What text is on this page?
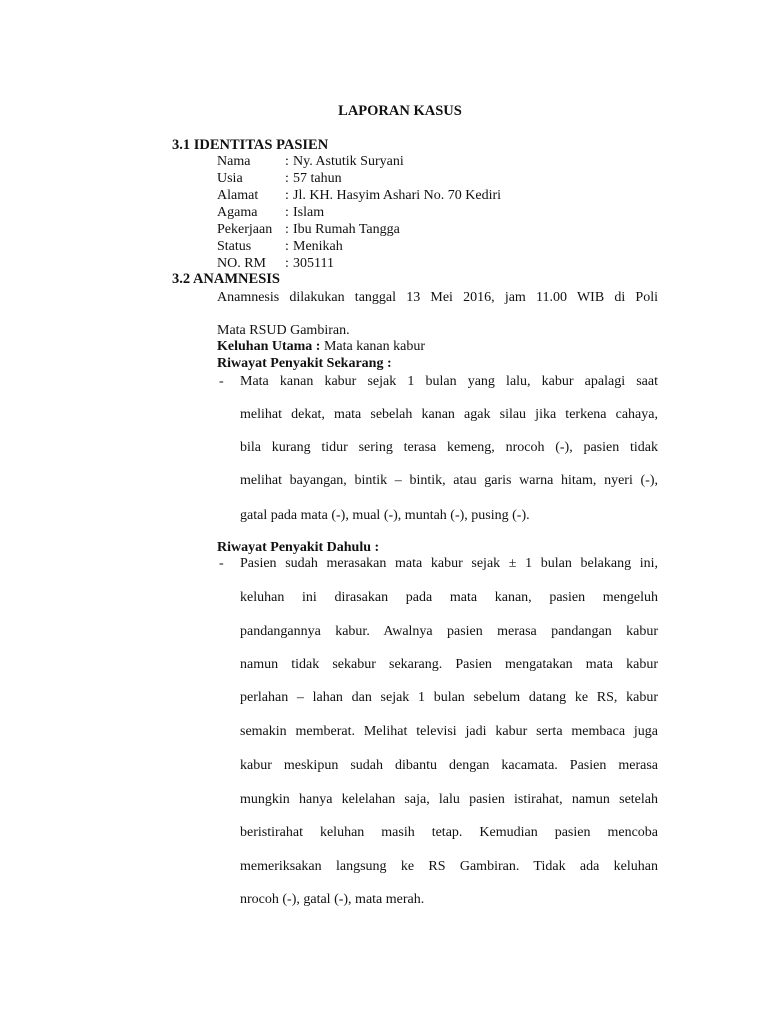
LAPORAN KASUS
3.1 IDENTITAS PASIEN
Nama : Ny. Astutik Suryani
Usia	: 57 tahun
Alamat : Jl. KH. Hasyim Ashari No. 70 Kediri
Agama : Islam
Pekerjaan : Ibu Rumah Tangga
Status : Menikah
NO. RM : 305111
3.2 ANAMNESIS
Anamnesis dilakukan tanggal 13 Mei 2016, jam 11.00 WIB di Poli
Mata RSUD Gambiran.
Keluhan Utama : Mata kanan kabur
Riwayat Penyakit Sekarang :
- Mata kanan kabur sejak 1 bulan yang lalu, kabur apalagi saat
melihat dekat, mata sebelah kanan agak silau jika terkena cahaya,
bila kurang tidur sering terasa kemeng, nrocoh (-), pasien tidak
melihat bayangan, bintik – bintik, atau garis warna hitam, nyeri (-),
gatal pada mata (-), mual (-), muntah (-), pusing (-).
Riwayat Penyakit Dahulu :
- Pasien sudah merasakan mata kabur sejak ± 1 bulan belakang ini,
keluhan ini dirasakan pada mata kanan, pasien mengeluh
pandangannya kabur. Awalnya pasien merasa pandangan kabur
namun tidak sekabur sekarang. Pasien mengatakan mata kabur
perlahan – lahan dan sejak 1 bulan sebelum datang ke RS, kabur
semakin memberat. Melihat televisi jadi kabur serta membaca juga
kabur meskipun sudah dibantu dengan kacamata. Pasien merasa
mungkin hanya kelelahan saja, lalu pasien istirahat, namun setelah
beristirahat keluhan masih tetap. Kemudian pasien mencoba
memeriksakan langsung ke RS Gambiran. Tidak ada keluhan
nrocoh (-), gatal (-), mata merah.
